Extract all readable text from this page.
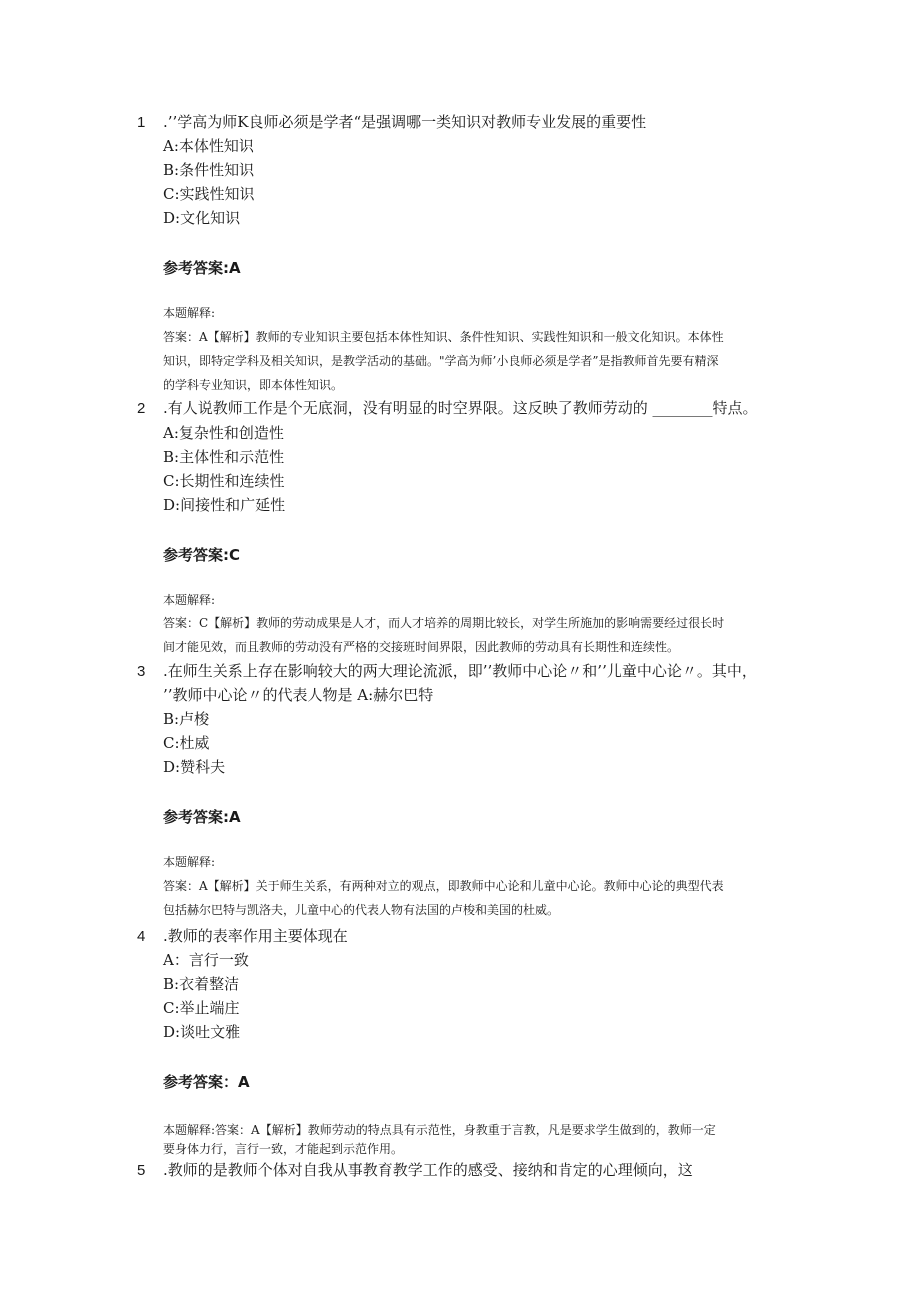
1 .’’学高为师K良师必须是学者“是强调哪一类知识对教师专业发展的重要性
A:本体性知识
B:条件性知识
C:实践性知识
D:文化知识
参考答案:A
本题解释:
答案：A【解析】教师的专业知识主要包括本体性知识、条件性知识、实践性知识和一般文化知识。本体性
知识，即特定学科及相关知识，是教学活动的基础。"学高为师’小良师必须是学者”是指教师首先要有精深
的学科专业知识，即本体性知识。
2 .有人说教师工作是个无底洞，没有明显的时空界限。这反映了教师劳动的 ________特点。
A:复杂性和创造性
B:主体性和示范性
C:长期性和连续性
D:间接性和广延性
参考答案:C
本题解释:
答案：C【解析】教师的劳动成果是人才，而人才培养的周期比较长，对学生所施加的影响需要经过很长时
间才能见效，而且教师的劳动没有严格的交接班时间界限，因此教师的劳动具有长期性和连续性。
3 .在师生关系上存在影响较大的两大理论流派，即’’教师中心论〃和’’儿童中心论〃。其中，
’’教师中心论〃的代表人物是 A:赫尔巴特
B:卢梭
C:杜威
D:赞科夫
参考答案:A
本题解释:
答案：A【解析】关于师生关系，有两种对立的观点，即教师中心论和儿童中心论。教师中心论的典型代表
包括赫尔巴特与凯洛夫，儿童中心的代表人物有法国的卢梭和美国的杜威。
4 .教师的表率作用主要体现在
A：言行一致
B:衣着整洁
C:举止端庄
D:谈吐文雅
参考答案：A
本题解释:答案：A【解析】教师劳动的特点具有示范性，身教重于言教，凡是要求学生做到的，教师一定
要身体力行，言行一致，才能起到示范作用。
5 .教师的是教师个体对自我从事教育教学工作的感受、接纳和肯定的心理倾向，这
